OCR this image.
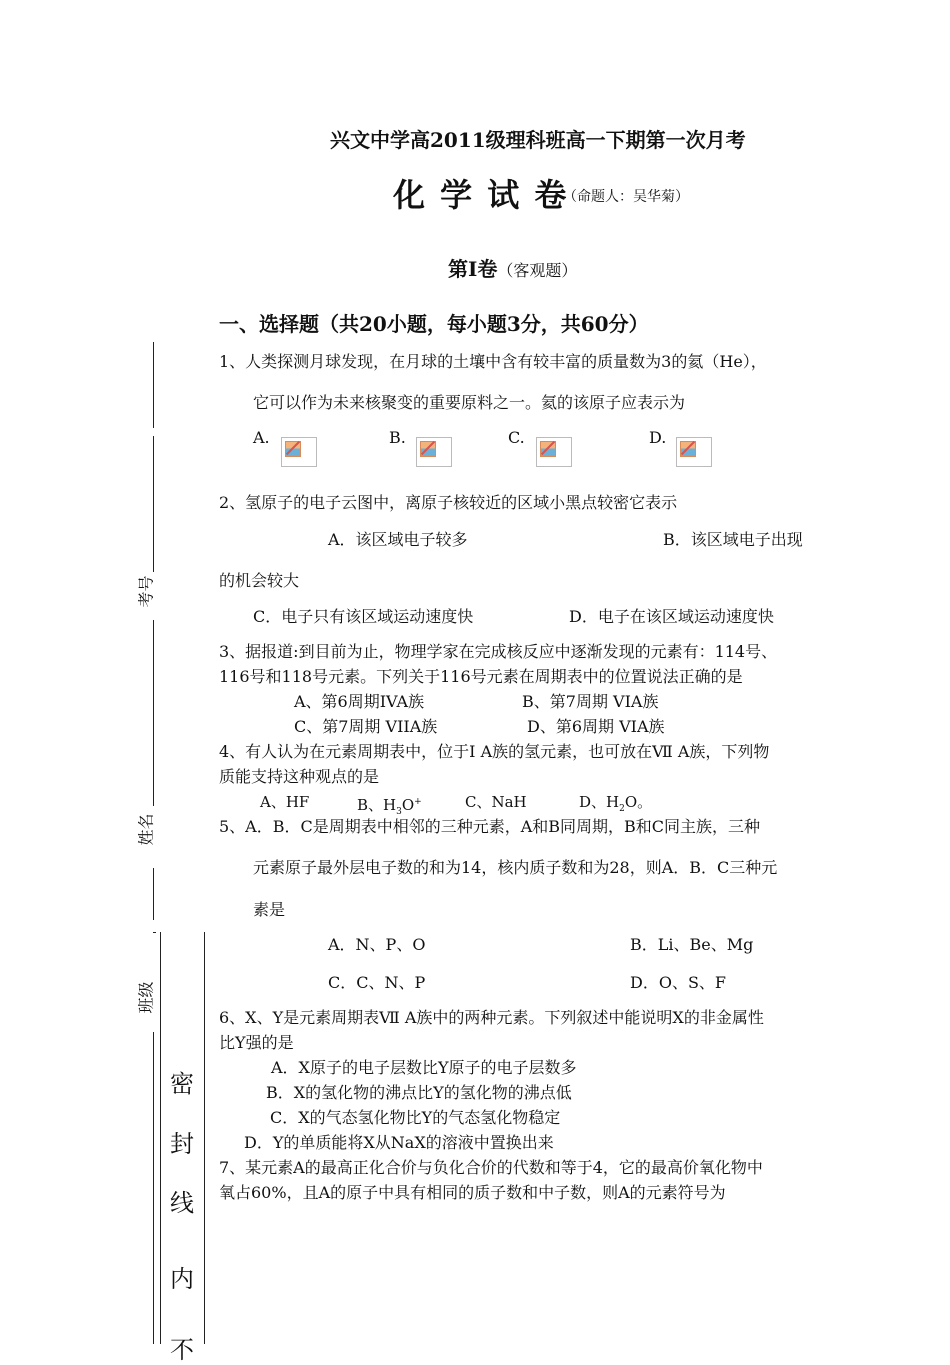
兴文中学高2011级理科班高一下期第一次月考
化 学 试 卷
（命题人：吴华菊）
第I卷（客观题）
一、选择题（共20小题，每小题3分，共60分）
考号
姓名
班级
密
封
线
内
不
1、人类探测月球发现，在月球的土壤中含有较丰富的质量数为3的氦（He），
它可以作为未来核聚变的重要原料之一。氦的该原子应表示为
A.	B.	C.	D.
2、氢原子的电子云图中，离原子核较近的区域小黑点较密它表示
A．该区域电子较多	B．该区域电子出现
的机会较大
C．电子只有该区域运动速度快	D．电子在该区域运动速度快
3、据报道:到目前为止，物理学家在完成核反应中逐渐发现的元素有：114号、
116号和118号元素。下列关于116号元素在周期表中的位置说法正确的是
A、第6周期IVA族	B、第7周期 VIA族
C、第7周期 VIIA族	D、第6周期 VIA族
4、有人认为在元素周期表中，位于I A族的氢元素，也可放在Ⅶ A族，下列物
质能支持这种观点的是
A、HF	B、$H_3O^+$	C、NaH	D、$H_2O$。
5、A．B．C是周期表中相邻的三种元素，A和B同周期，B和C同主族，三种
元素原子最外层电子数的和为14，核内质子数和为28，则A．B．C三种元
素是
A．N、P、O	B．Li、Be、Mg
C．C、N、P	D．O、S、F
6、X、Y是元素周期表Ⅶ A族中的两种元素。下列叙述中能说明X的非金属性
比Y强的是
A．X原子的电子层数比Y原子的电子层数多
B．X的氢化物的沸点比Y的氢化物的沸点低
C．X的气态氢化物比Y的气态氢化物稳定
D．Y的单质能将X从NaX的溶液中置换出来
7、某元素A的最高正化合价与负化合价的代数和等于4，它的最高价氧化物中
氧占60%，且A的原子中具有相同的质子数和中子数，则A的元素符号为
